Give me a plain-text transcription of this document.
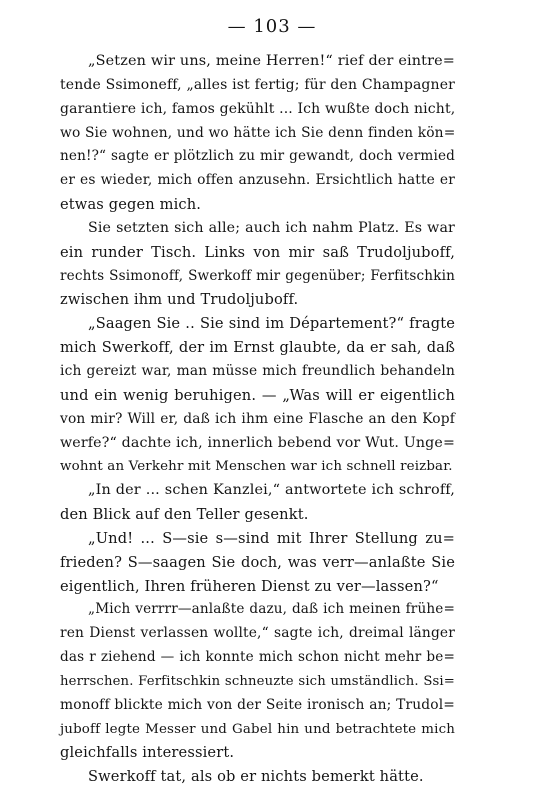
— 103 —
„Setzen wir uns, meine Herren!“ rief der eintre=
tende Ssimoneff, „alles ist fertig; für den Champagner
garantiere ich, famos gekühlt ... Ich wußte doch nicht,
wo Sie wohnen, und wo hätte ich Sie denn finden kön=
nen!?“ sagte er plötzlich zu mir gewandt, doch vermied
er es wieder, mich offen anzusehn. Ersichtlich hatte er
etwas gegen mich.
Sie setzten sich alle; auch ich nahm Platz. Es war
ein runder Tisch. Links von mir saß Trudoljuboff,
rechts Ssimonoff, Swerkoff mir gegenüber; Ferfitschkin
zwischen ihm und Trudoljuboff.
„Saagen Sie .. Sie sind im Département?“ fragte
mich Swerkoff, der im Ernst glaubte, da er sah, daß
ich gereizt war, man müsse mich freundlich behandeln
und ein wenig beruhigen. — „Was will er eigentlich
von mir? Will er, daß ich ihm eine Flasche an den Kopf
werfe?“ dachte ich, innerlich bebend vor Wut. Unge=
wohnt an Verkehr mit Menschen war ich schnell reizbar.
„In der ... schen Kanzlei,“ antwortete ich schroff,
den Blick auf den Teller gesenkt.
„Und! ... S—sie s—sind mit Ihrer Stellung zu=
frieden? S—saagen Sie doch, was verr—anlaßte Sie
eigentlich, Ihren früheren Dienst zu ver—lassen?“
„Mich verrrr—anlaßte dazu, daß ich meinen frühe=
ren Dienst verlassen wollte,“ sagte ich, dreimal länger
das r ziehend — ich konnte mich schon nicht mehr be=
herrschen. Ferfitschkin schneuzte sich umständlich. Ssi=
monoff blickte mich von der Seite ironisch an; Trudol=
juboff legte Messer und Gabel hin und betrachtete mich
gleichfalls interessiert.
Swerkoff tat, als ob er nichts bemerkt hätte.
